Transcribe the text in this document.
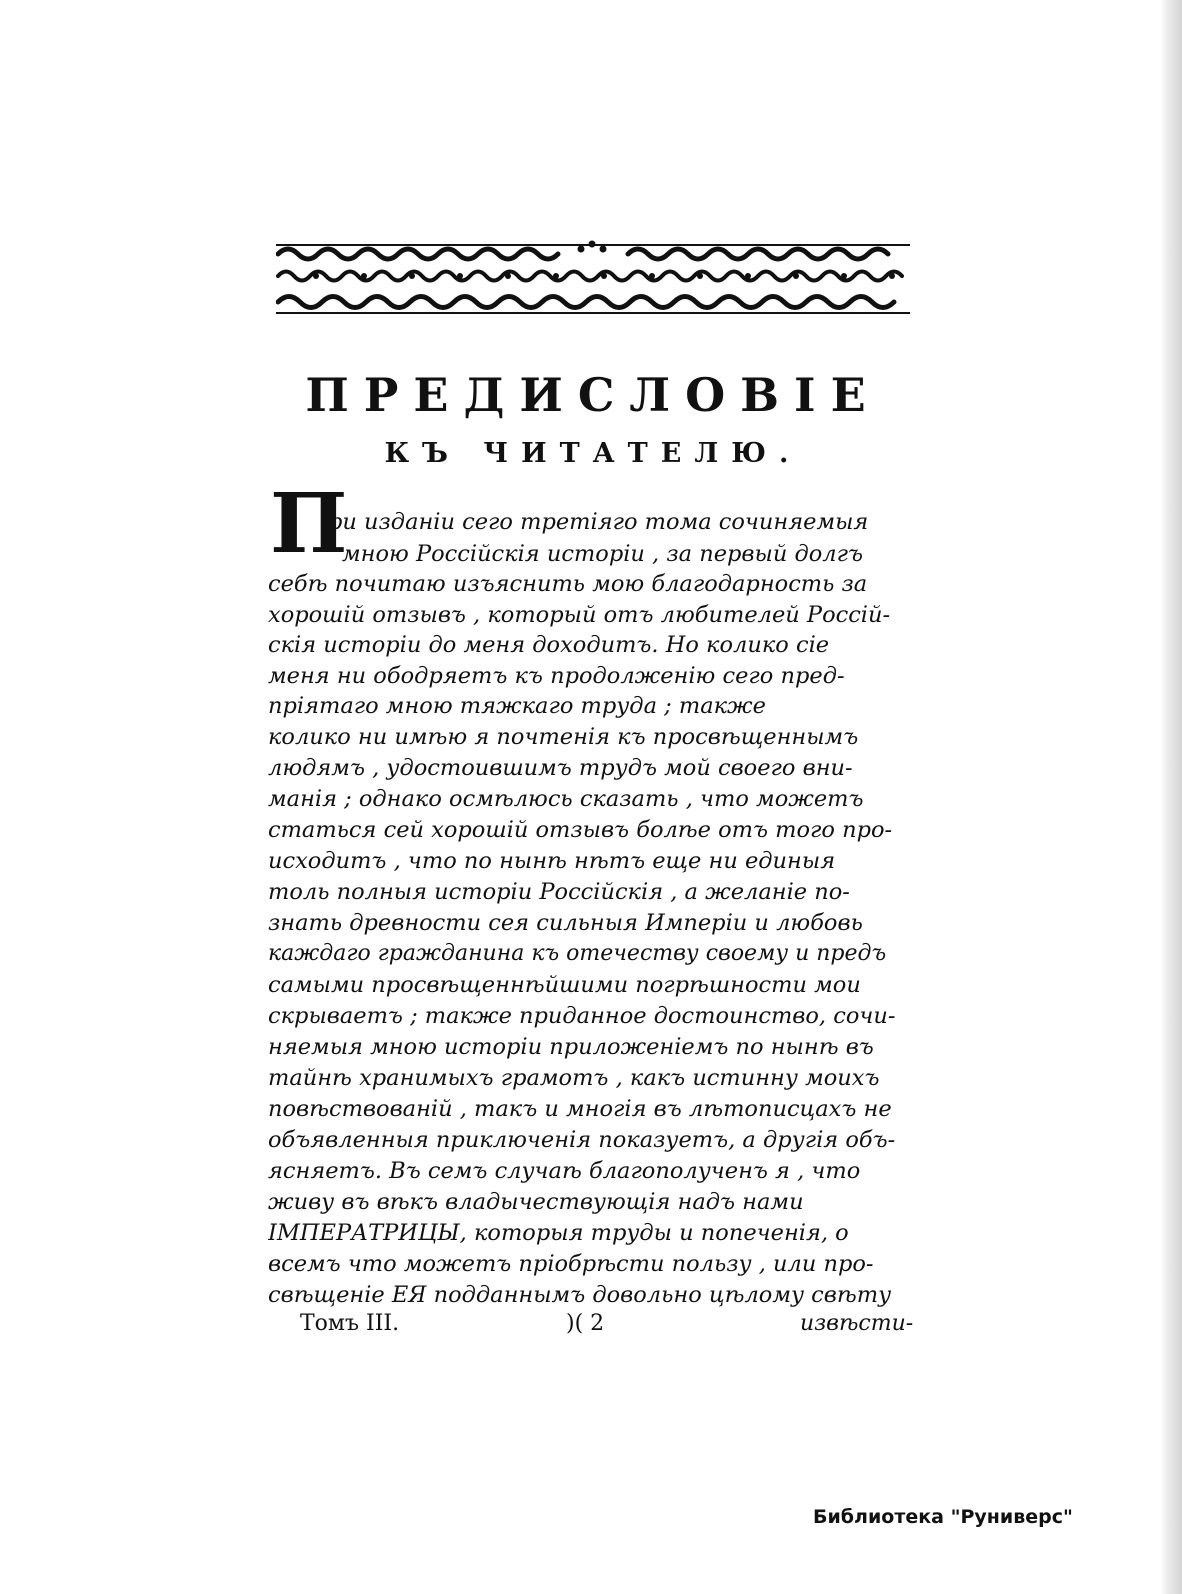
ПРЕДИСЛОВІЕ
КЪ ЧИТАТЕЛЮ.
П
ри изданіи сего третіяго тома сочиняемыя
мною Россійскія исторіи , за первый долгъ
себѣ почитаю изъяснить мою благодарность за
хорошій отзывъ , который отъ любителей Россій-
скія исторіи до меня доходитъ. Но колико сіе
меня ни ободряетъ къ продолженію сего пред-
пріятаго мною тяжкаго труда ; также
колико ни имѣю я почтенія къ просвѣщеннымъ
людямъ , удостоившимъ трудъ мой своего вни-
манія ; однако осмѣлюсь сказать , что можетъ
статься сей хорошій отзывъ болѣе отъ того про-
исходитъ , что по нынѣ нѣтъ еще ни единыя
толь полныя исторіи Россійскія , а желаніе по-
знать древности сея сильныя Имперіи и любовь
каждаго гражданина къ отечеству своему и предъ
самыми просвѣщеннѣйшими погрѣшности мои
скрываетъ ; также приданное достоинство, сочи-
няемыя мною исторіи приложеніемъ по нынѣ въ
тайнѣ хранимыхъ грамотъ , какъ истинну моихъ
повѣствованій , такъ и многія въ лѣтописцахъ не
объявленныя приключенія показуетъ, а другія объ-
ясняетъ. Въ семъ случаѣ благополученъ я , что
живу въ вѣкъ владычествующія надъ нами
ІМПЕРАТРИЦЫ, которыя труды и попеченія, о
всемъ что можетъ пріобрѣсти пользу , или про-
свѣщеніе ЕЯ подданнымъ довольно цѣлому свѣту
Томъ III.	)( 2	извѣсти-
Библиотека "Руниверс"
